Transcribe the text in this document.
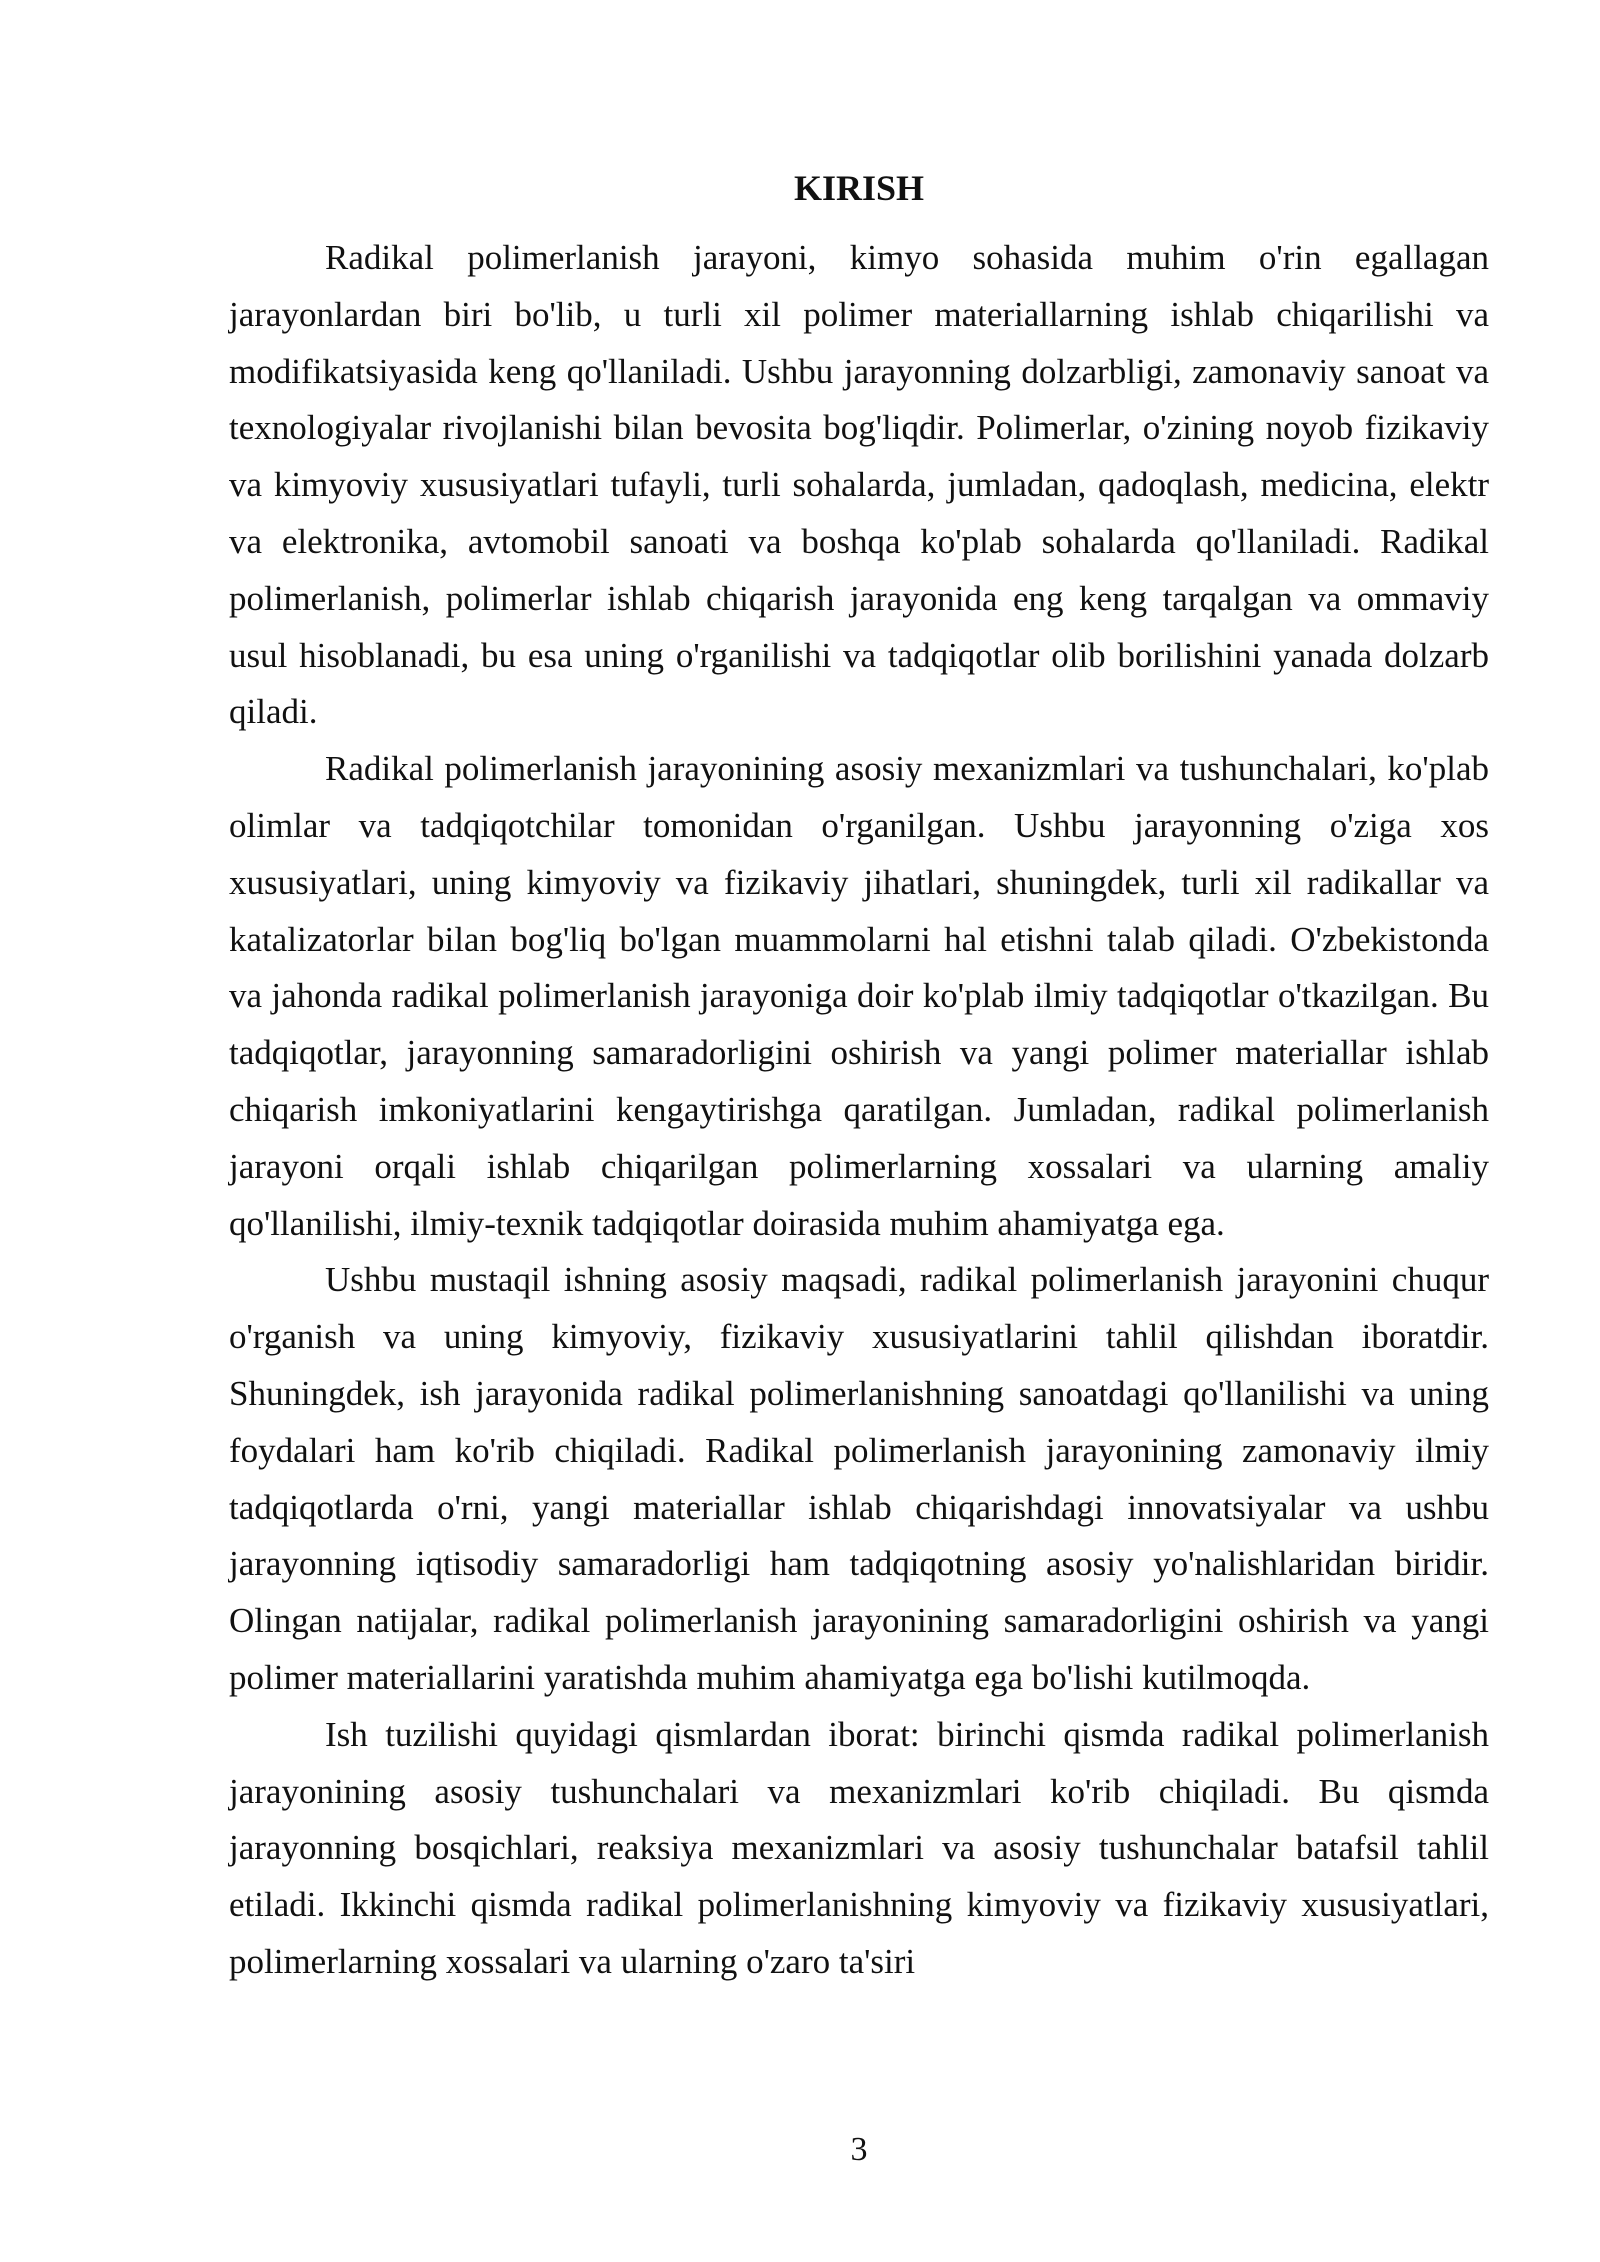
KIRISH

Radikal polimerlanish jarayoni, kimyo sohasida muhim o'rin egallagan jarayonlardan biri bo'lib, u turli xil polimer materiallarning ishlab chiqarilishi va modifikatsiyasida keng qo'llaniladi. Ushbu jarayonning dolzarbligi, zamonaviy sanoat va texnologiyalar rivojlanishi bilan bevosita bog'liqdir. Polimerlar, o'zining noyob fizikaviy va kimyoviy xususiyatlari tufayli, turli sohalarda, jumladan, qadoqlash, medicina, elektr va elektronika, avtomobil sanoati va boshqa ko'plab sohalarda qo'llaniladi. Radikal polimerlanish, polimerlar ishlab chiqarish jarayonida eng keng tarqalgan va ommaviy usul hisoblanadi, bu esa uning o'rganilishi va tadqiqotlar olib borilishini yanada dolzarb qiladi.

Radikal polimerlanish jarayonining asosiy mexanizmlari va tushunchalari, ko'plab olimlar va tadqiqotchilar tomonidan o'rganilgan. Ushbu jarayonning o'ziga xos xususiyatlari, uning kimyoviy va fizikaviy jihatlari, shuningdek, turli xil radikallar va katalizatorlar bilan bog'liq bo'lgan muammolarni hal etishni talab qiladi. O'zbekistonda va jahonda radikal polimerlanish jarayoniga doir ko'plab ilmiy tadqiqotlar o'tkazilgan. Bu tadqiqotlar, jarayonning samaradorligini oshirish va yangi polimer materiallar ishlab chiqarish imkoniyatlarini kengaytirishga qaratilgan. Jumladan, radikal polimerlanish jarayoni orqali ishlab chiqarilgan polimerlarning xossalari va ularning amaliy qo'llanilishi, ilmiy-texnik tadqiqotlar doirasida muhim ahamiyatga ega.

Ushbu mustaqil ishning asosiy maqsadi, radikal polimerlanish jarayonini chuqur o'rganish va uning kimyoviy, fizikaviy xususiyatlarini tahlil qilishdan iboratdir. Shuningdek, ish jarayonida radikal polimerlanishning sanoatdagi qo'llanilishi va uning foydalari ham ko'rib chiqiladi. Radikal polimerlanish jarayonining zamonaviy ilmiy tadqiqotlarda o'rni, yangi materiallar ishlab chiqarishdagi innovatsiyalar va ushbu jarayonning iqtisodiy samaradorligi ham tadqiqotning asosiy yo'nalishlaridan biridir. Olingan natijalar, radikal polimerlanish jarayonining samaradorligini oshirish va yangi polimer materiallarini yaratishda muhim ahamiyatga ega bo'lishi kutilmoqda.

Ish tuzilishi quyidagi qismlardan iborat: birinchi qismda radikal polimerlanish jarayonining asosiy tushunchalari va mexanizmlari ko'rib chiqiladi. Bu qismda jarayonning bosqichlari, reaksiya mexanizmlari va asosiy tushunchalar batafsil tahlil etiladi. Ikkinchi qismda radikal polimerlanishning kimyoviy va fizikaviy xususiyatlari, polimerlarning xossalari va ularning o'zaro ta'siri

3
